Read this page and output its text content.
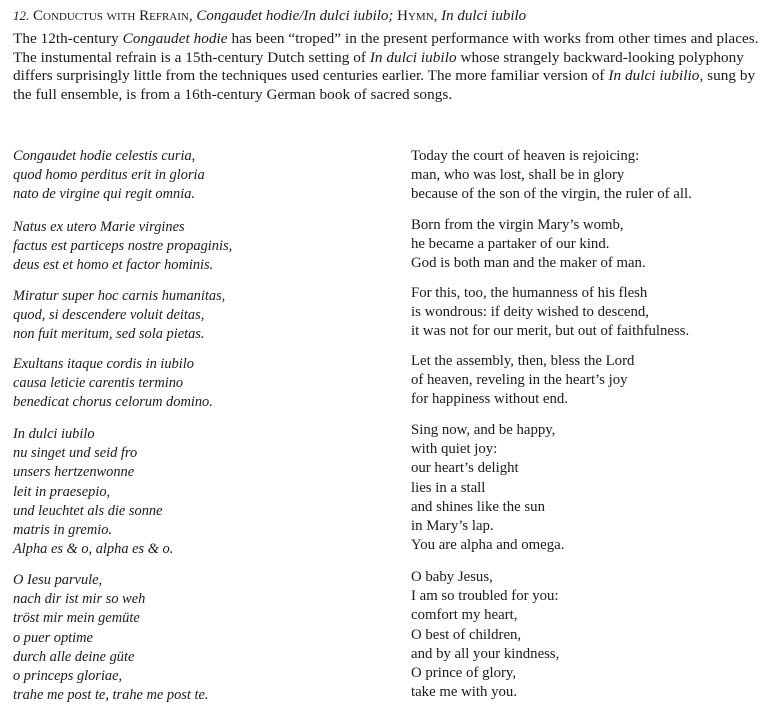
12. Conductus with Refrain, Congaudet hodie/In dulci iubilo; Hymn, In dulci iubilo

The 12th-century Congaudet hodie has been “troped” in the present performance with works from other times and places. The instumental refrain is a 15th-century Dutch setting of In dulci iubilo whose strangely backward-looking polyphony differs surprisingly little from the techniques used centuries earlier. The more familiar version of In dulci iubilio, sung by the full ensemble, is from a 16th-century German book of sacred songs.

Congaudet hodie celestis curia,
quod homo perditus erit in gloria
nato de virgine qui regit omnia.
Natus ex utero Marie virgines
factus est particeps nostre propaginis,
deus est et homo et factor hominis.
Miratur super hoc carnis humanitas,
quod, si descendere voluit deitas,
non fuit meritum, sed sola pietas.
Exultans itaque cordis in iubilo
causa leticie carentis termino
benedicat chorus celorum domino.
In dulci iubilo
nu singet und seid fro
unsers hertzenwonne
leit in praesepio,
und leuchtet als die sonne
matris in gremio.
Alpha es & o, alpha es & o.
O Iesu parvule,
nach dir ist mir so weh
tröst mir mein gemüte
o puer optime
durch alle deine güte
o princeps gloriae,
trahe me post te, trahe me post te.
Today the court of heaven is rejoicing:
man, who was lost, shall be in glory
because of the son of the virgin, the ruler of all.
Born from the virgin Mary’s womb,
he became a partaker of our kind.
God is both man and the maker of man.
For this, too, the humanness of his flesh
is wondrous: if deity wished to descend,
it was not for our merit, but out of faithfulness.
Let the assembly, then, bless the Lord
of heaven, reveling in the heart’s joy
for happiness without end.
Sing now, and be happy,
with quiet joy:
our heart’s delight
lies in a stall
and shines like the sun
in Mary’s lap.
You are alpha and omega.
O baby Jesus,
I am so troubled for you:
comfort my heart,
O best of children,
and by all your kindness,
O prince of glory,
take me with you.
